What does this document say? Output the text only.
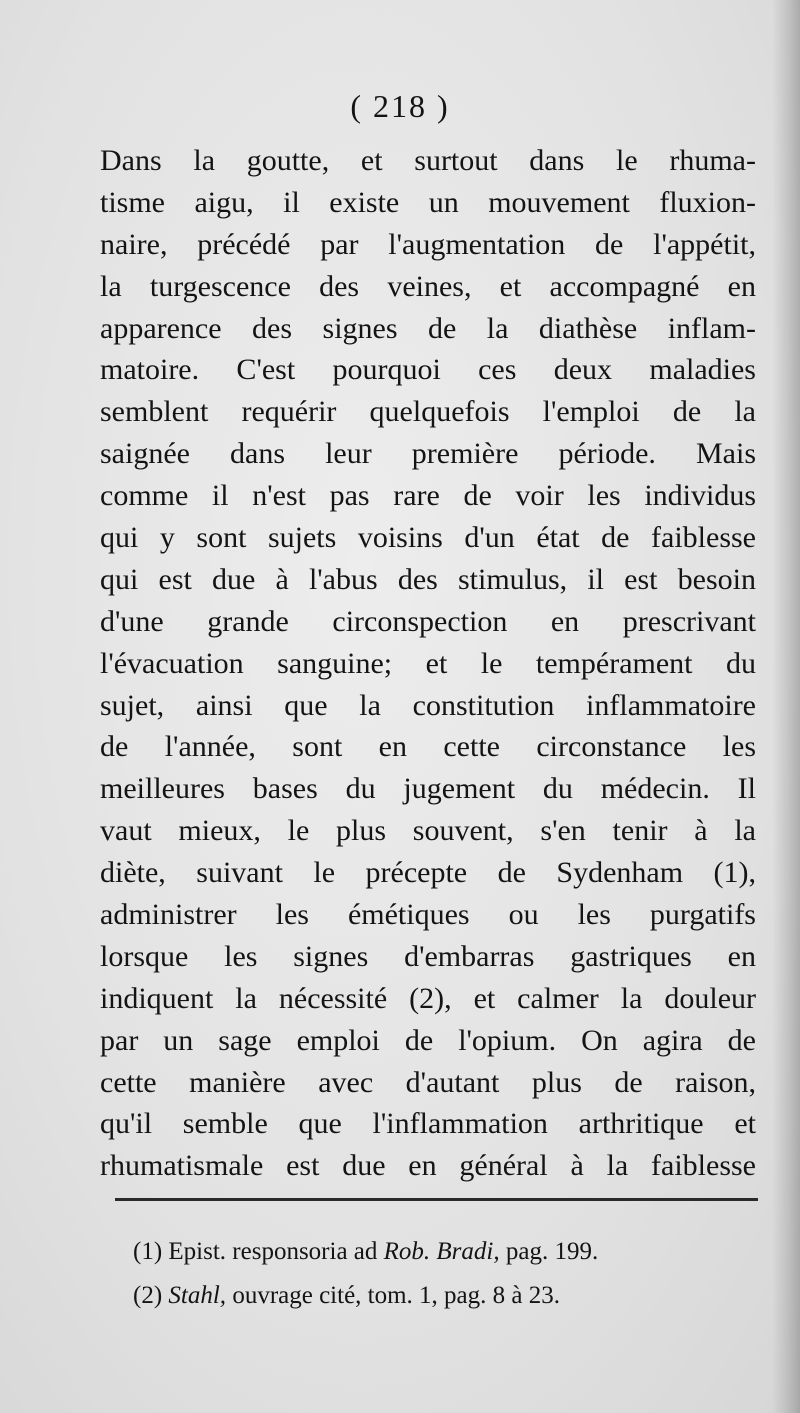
( 218 )
Dans la goutte, et surtout dans le rhuma-
tisme aigu, il existe un mouvement fluxion-
naire, précédé par l'augmentation de l'appétit,
la turgescence des veines, et accompagné en
apparence des signes de la diathèse inflam-
matoire. C'est pourquoi ces deux maladies
semblent requérir quelquefois l'emploi de la
saignée dans leur première période. Mais
comme il n'est pas rare de voir les individus
qui y sont sujets voisins d'un état de faiblesse
qui est due à l'abus des stimulus, il est besoin
d'une grande circonspection en prescrivant
l'évacuation sanguine; et le tempérament du
sujet, ainsi que la constitution inflammatoire
de l'année, sont en cette circonstance les
meilleures bases du jugement du médecin. Il
vaut mieux, le plus souvent, s'en tenir à la
diète, suivant le précepte de Sydenham (1),
administrer les émétiques ou les purgatifs
lorsque les signes d'embarras gastriques en
indiquent la nécessité (2), et calmer la douleur
par un sage emploi de l'opium. On agira de
cette manière avec d'autant plus de raison,
qu'il semble que l'inflammation arthritique et
rhumatismale est due en général à la faiblesse
(1) Epist. responsoria ad Rob. Bradi, pag. 199.
(2) Stahl, ouvrage cité, tom. 1, pag. 8 à 23.
